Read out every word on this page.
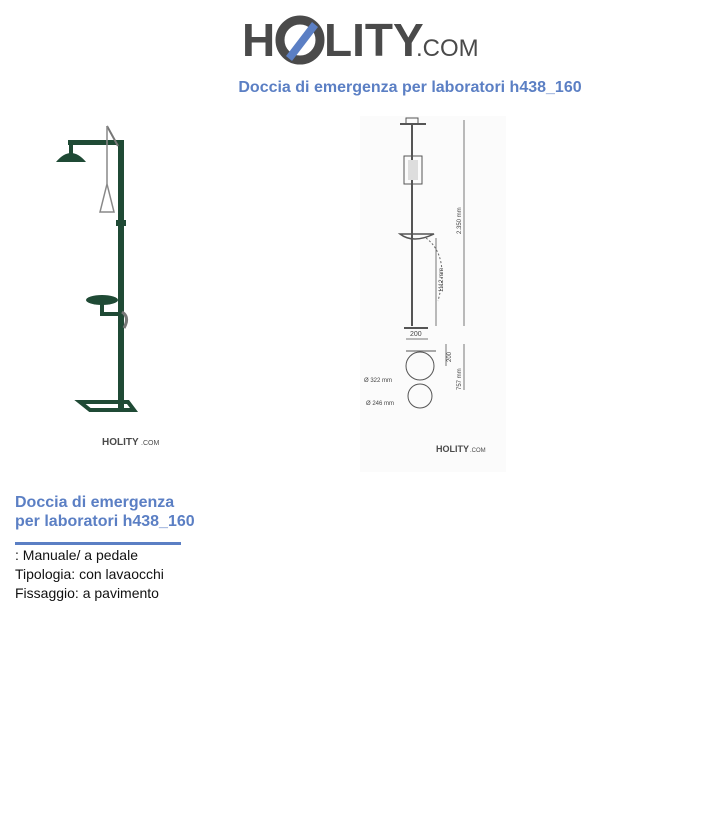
H LITY
.COM
Doccia di emergenza per laboratori h438_160
HOLITY .COM
2.350 mm
1112 mm
200
200
757 mm
Ø 322 mm
Ø 246 mm
HOLITY .COM
Doccia di emergenza
per laboratori h438_160
: Manuale/ a pedale
Tipologia: con lavaocchi
Fissaggio: a pavimento
